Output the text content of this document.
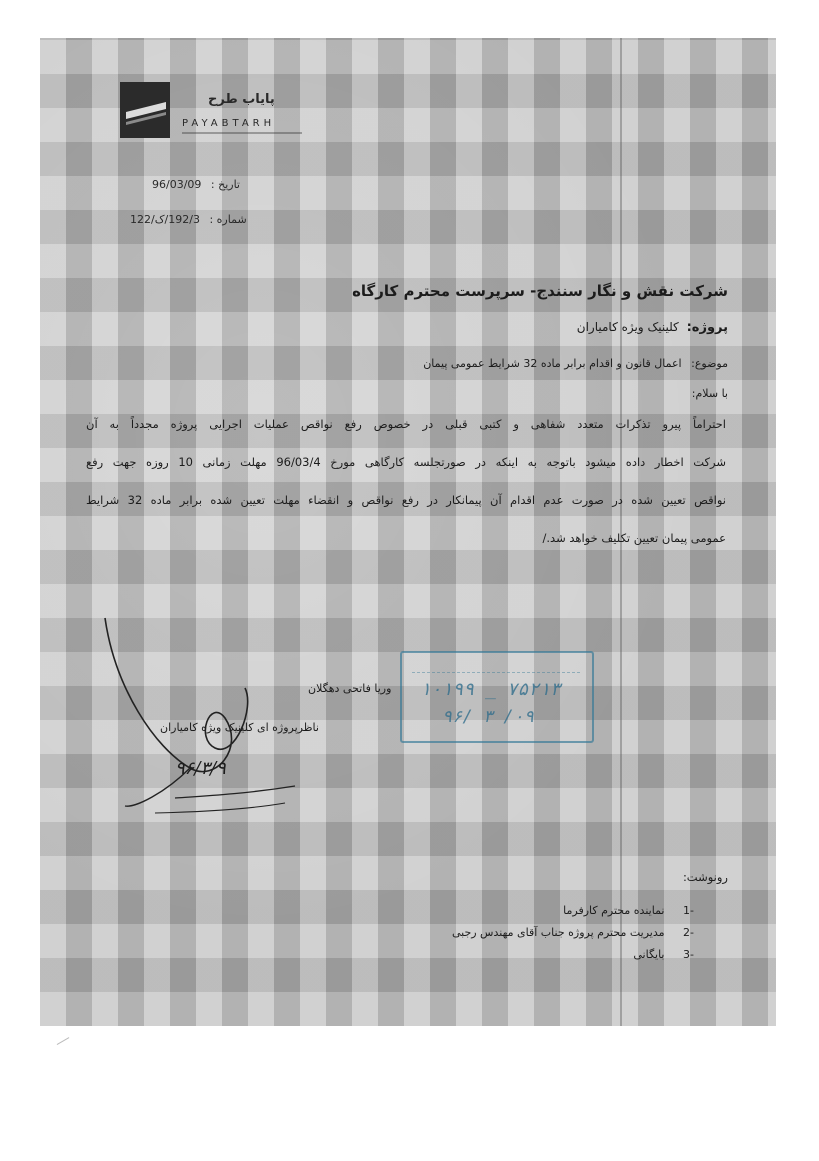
پایاب طرح
PAYABTARH
تاریخ : 96/03/09
شماره : 192/3/ک/122
شرکت نقش و نگار سنندج- سرپرست محترم کارگاه
پروژه: کلینیک ویژه کامیاران
موضوع: اعمال قانون و اقدام برابر ماده 32 شرایط عمومی پیمان
با سلام:
احتراماً پیرو تذکرات متعدد شفاهی و کتبی قبلی در خصوص رفع نواقص عملیات اجرایی پروژه مجدداً به آن
شرکت اخطار داده میشود باتوجه به اینکه در صورتجلسه کارگاهی مورخ 96/03/4 مهلت زمانی 10 روزه جهت رفع
نواقص تعیین شده در صورت عدم اقدام آن پیمانکار در رفع نواقص و انقضاء مهلت تعیین شده برابر ماده 32 شرایط
عمومی پیمان تعیین تکلیف خواهد شد./
۹۶/۳/۹
وریا فاتحی دهگلان
ناظرپروژه ای کلینیک ویژه کامیاران
۱۰۱۹۹ _ ۷۵۲۱۳
۹۶/ ۳ /۰۹
رونوشت:
-1 نماینده محترم کارفرما
-2 مدیریت محترم پروژه جناب آقای مهندس رجبی
-3 بایگانی
